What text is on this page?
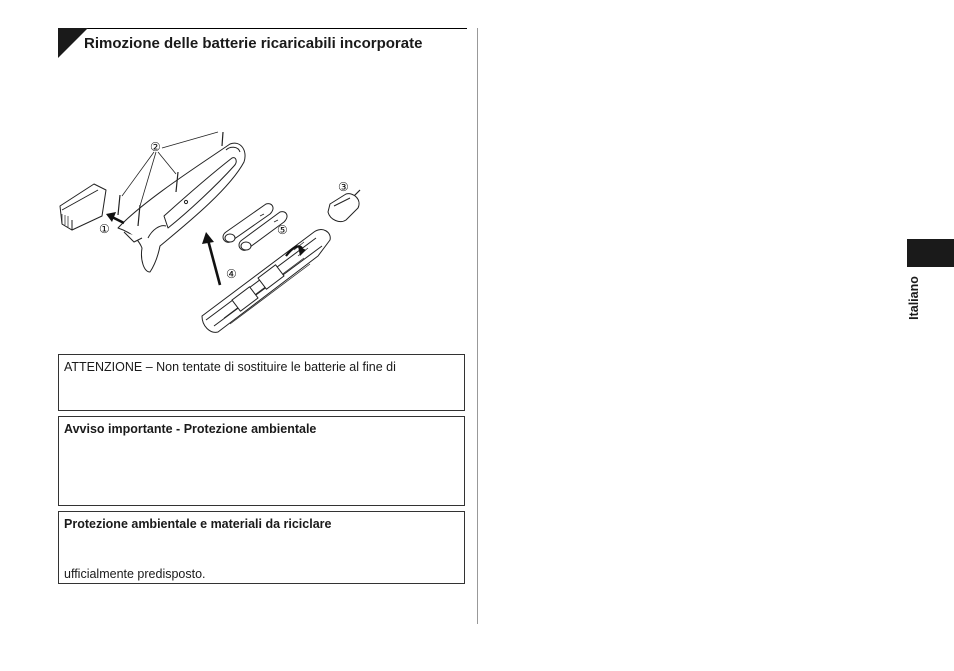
Rimozione delle batterie ricaricabili incorporate
①
②
③
④
⑤
ATTENZIONE – Non tentate di sostituire le batterie al fine di
Avviso importante - Protezione ambientale
Protezione ambientale e materiali da riciclare
ufficialmente predisposto.
Italiano
